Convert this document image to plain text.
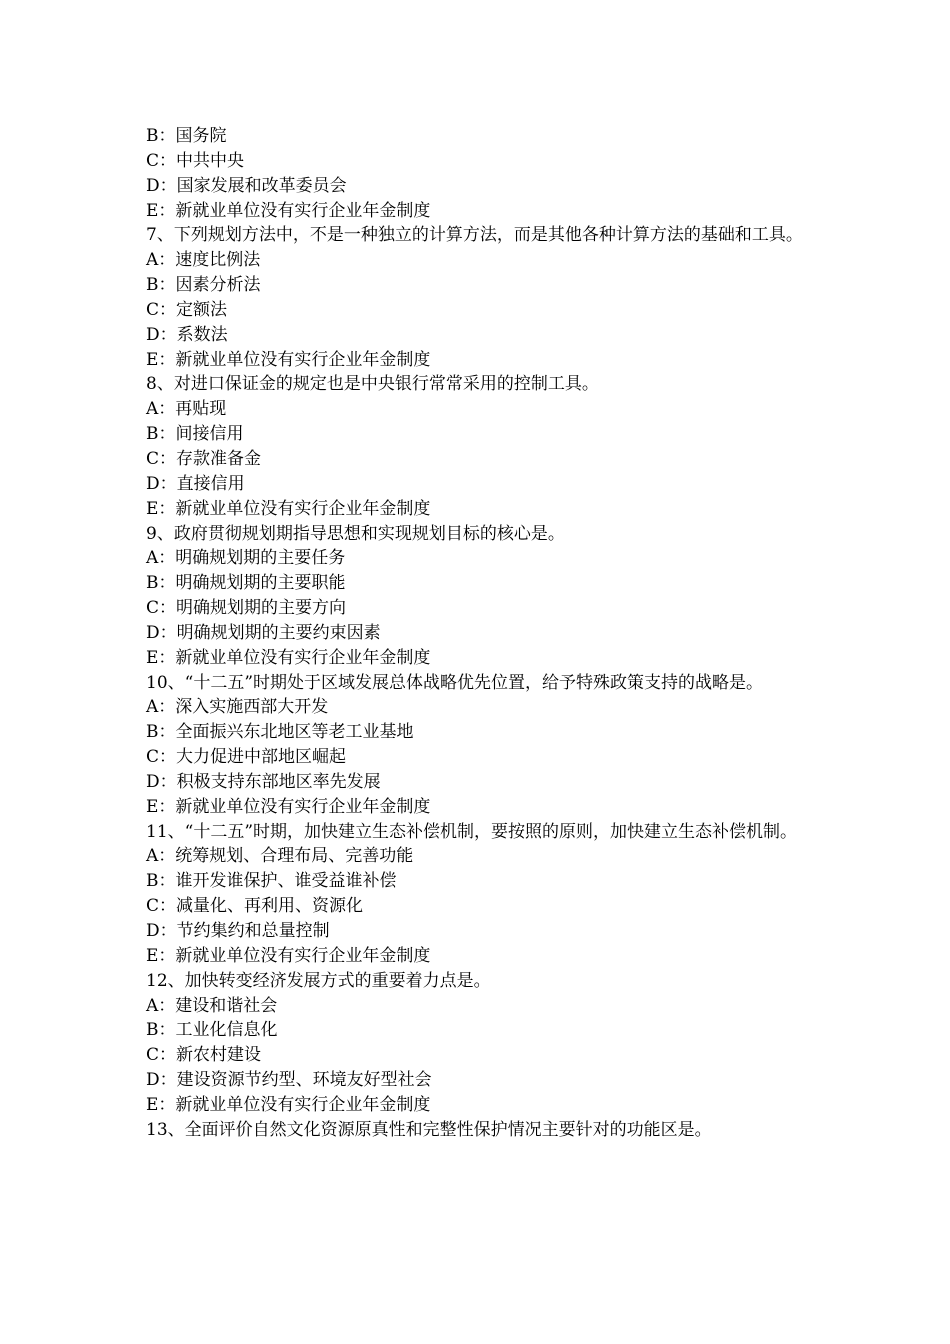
B：国务院

C：中共中央

D：国家发展和改革委员会

E：新就业单位没有实行企业年金制度

7、下列规划方法中，不是一种独立的计算方法，而是其他各种计算方法的基础和工具。

A：速度比例法

B：因素分析法

C：定额法

D：系数法

E：新就业单位没有实行企业年金制度

8、对进口保证金的规定也是中央银行常常采用的控制工具。

A：再贴现

B：间接信用

C：存款准备金

D：直接信用

E：新就业单位没有实行企业年金制度

9、政府贯彻规划期指导思想和实现规划目标的核心是。

A：明确规划期的主要任务

B：明确规划期的主要职能

C：明确规划期的主要方向

D：明确规划期的主要约束因素

E：新就业单位没有实行企业年金制度

10、“十二五”时期处于区域发展总体战略优先位置，给予特殊政策支持的战略是。

A：深入实施西部大开发

B：全面振兴东北地区等老工业基地

C：大力促进中部地区崛起

D：积极支持东部地区率先发展

E：新就业单位没有实行企业年金制度

11、“十二五”时期，加快建立生态补偿机制，要按照的原则，加快建立生态补偿机制。

A：统筹规划、合理布局、完善功能

B：谁开发谁保护、谁受益谁补偿

C：减量化、再利用、资源化

D：节约集约和总量控制

E：新就业单位没有实行企业年金制度

12、加快转变经济发展方式的重要着力点是。

A：建设和谐社会

B：工业化信息化

C：新农村建设

D：建设资源节约型、环境友好型社会

E：新就业单位没有实行企业年金制度

13、全面评价自然文化资源原真性和完整性保护情况主要针对的功能区是。
